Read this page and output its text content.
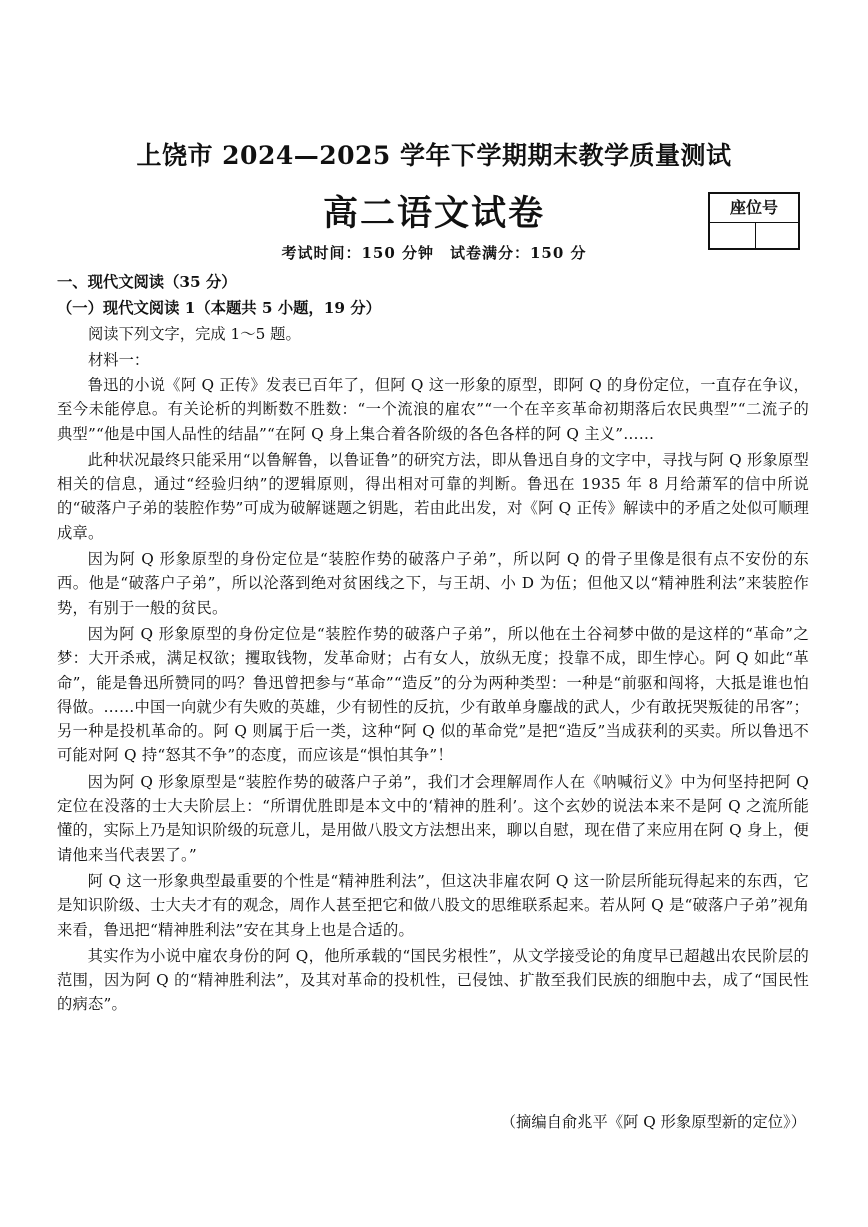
上饶市 2024—2025 学年下学期期末教学质量测试
高二语文试卷	座位号
考试时间：150 分钟　试卷满分：150 分
一、现代文阅读（35 分）
（一）现代文阅读 1（本题共 5 小题，19 分）
阅读下列文字，完成 1～5 题。
材料一：

鲁迅的小说《阿 Q 正传》发表已百年了，但阿 Q 这一形象的原型，即阿 Q 的身份定位，一直存在争议，至今未能停息。有关论析的判断数不胜数：“一个流浪的雇农”“一个在辛亥革命初期落后农民典型”“二流子的典型”“他是中国人品性的结晶”“在阿 Q 身上集合着各阶级的各色各样的阿 Q 主义”……

此种状况最终只能采用“以鲁解鲁，以鲁证鲁”的研究方法，即从鲁迅自身的文字中，寻找与阿 Q 形象原型相关的信息，通过“经验归纳”的逻辑原则，得出相对可靠的判断。鲁迅在 1935 年 8 月给萧军的信中所说的“破落户子弟的装腔作势”可成为破解谜题之钥匙，若由此出发，对《阿 Q 正传》解读中的矛盾之处似可顺理成章。

因为阿 Q 形象原型的身份定位是“装腔作势的破落户子弟”，所以阿 Q 的骨子里像是很有点不安份的东西。他是“破落户子弟”，所以沦落到绝对贫困线之下，与王胡、小 D 为伍；但他又以“精神胜利法”来装腔作势，有别于一般的贫民。

因为阿 Q 形象原型的身份定位是“装腔作势的破落户子弟”，所以他在土谷祠梦中做的是这样的“革命”之梦：大开杀戒，满足权欲；攫取钱物，发革命财；占有女人，放纵无度；投靠不成，即生悖心。阿 Q 如此“革命”，能是鲁迅所赞同的吗？鲁迅曾把参与“革命”“造反”的分为两种类型：一种是“前驱和闯将，大抵是谁也怕得做。……中国一向就少有失败的英雄，少有韧性的反抗，少有敢单身鏖战的武人，少有敢抚哭叛徒的吊客”；另一种是投机革命的。阿 Q 则属于后一类，这种“阿 Q 似的革命党”是把“造反”当成获利的买卖。所以鲁迅不可能对阿 Q 持“怒其不争”的态度，而应该是“惧怕其争”！

因为阿 Q 形象原型是“装腔作势的破落户子弟”，我们才会理解周作人在《呐喊衍义》中为何坚持把阿 Q 定位在没落的士大夫阶层上：“所谓优胜即是本文中的‘精神的胜利’。这个玄妙的说法本来不是阿 Q 之流所能懂的，实际上乃是知识阶级的玩意儿，是用做八股文方法想出来，聊以自慰，现在借了来应用在阿 Q 身上，便请他来当代表罢了。”

阿 Q 这一形象典型最重要的个性是“精神胜利法”，但这决非雇农阿 Q 这一阶层所能玩得起来的东西，它是知识阶级、士大夫才有的观念，周作人甚至把它和做八股文的思维联系起来。若从阿 Q 是“破落户子弟”视角来看，鲁迅把“精神胜利法”安在其身上也是合适的。

其实作为小说中雇农身份的阿 Q，他所承载的“国民劣根性”，从文学接受论的角度早已超越出农民阶层的范围，因为阿 Q 的“精神胜利法”，及其对革命的投机性，已侵蚀、扩散至我们民族的细胞中去，成了“国民性的病态”。

（摘编自俞兆平《阿 Q 形象原型新的定位》）
